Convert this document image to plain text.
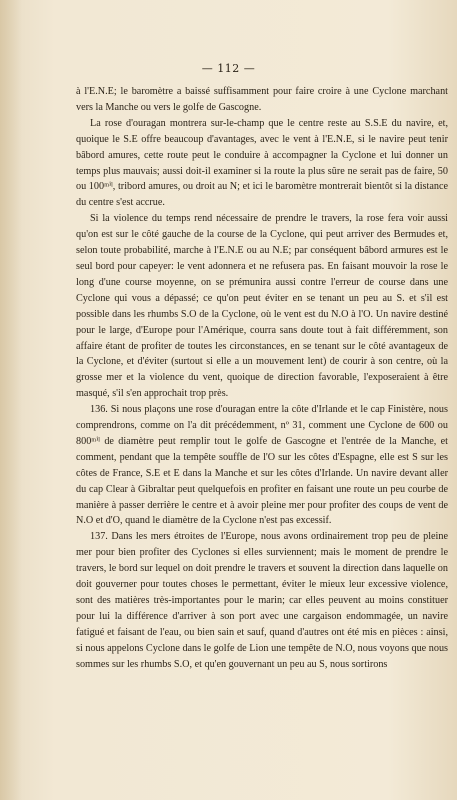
— 112 —

à l'E.N.E; le baromètre a baissé suffisamment pour faire croire à une Cyclone marchant vers la Manche ou vers le golfe de Gascogne.

La rose d'ouragan montrera sur-le-champ que le centre reste au S.S.E du navire, et, quoique le S.E offre beaucoup d'avantages, avec le vent à l'E.N.E, si le navire peut tenir bâbord amures, cette route peut le conduire à accompagner la Cyclone et lui donner un temps plus mauvais; aussi doit-il examiner si la route la plus sûre ne serait pas de faire, 50 ou 100ᵐⁱˡ, tribord amures, ou droit au N; et ici le baromètre montrerait bientôt si la distance du centre s'est accrue.

Si la violence du temps rend nécessaire de prendre le travers, la rose fera voir aussi qu'on est sur le côté gauche de la course de la Cyclone, qui peut arriver des Bermudes et, selon toute probabilité, marche à l'E.N.E ou au N.E; par conséquent bâbord armures est le seul bord pour capeyer: le vent adonnera et ne refusera pas. En faisant mouvoir la rose le long d'une course moyenne, on se prémunira aussi contre l'erreur de course dans une Cyclone qui vous a dépassé; ce qu'on peut éviter en se tenant un peu au S. et s'il est possible dans les rhumbs S.O de la Cyclone, où le vent est du N.O à l'O. Un navire destiné pour le large, d'Europe pour l'Amérique, courra sans doute tout à fait différemment, son affaire étant de profiter de toutes les circonstances, en se tenant sur le côté avantageux de la Cyclone, et d'éviter (surtout si elle a un mouvement lent) de courir à son centre, où la grosse mer et la violence du vent, quoique de direction favorable, l'exposeraient à être masqué, s'il s'en approchait trop près.

136. Si nous plaçons une rose d'ouragan entre la côte d'Irlande et le cap Finistère, nous comprendrons, comme on l'a dit précédemment, nº 31, comment une Cyclone de 600 ou 800ᵐⁱˡ de diamètre peut remplir tout le golfe de Gascogne et l'entrée de la Manche, et comment, pendant que la tempête souffle de l'O sur les côtes d'Espagne, elle est S sur les côtes de France, S.E et E dans la Manche et sur les côtes d'Irlande. Un navire devant aller du cap Clear à Gibraltar peut quelquefois en profiter en faisant une route un peu courbe de manière à passer derrière le centre et à avoir pleine mer pour profiter des coups de vent de N.O et d'O, quand le diamètre de la Cyclone n'est pas excessif.

137. Dans les mers étroites de l'Europe, nous avons ordinairement trop peu de pleine mer pour bien profiter des Cyclones si elles surviennent; mais le moment de prendre le travers, le bord sur lequel on doit prendre le travers et souvent la direction dans laquelle on doit gouverner pour toutes choses le permettant, éviter le mieux leur excessive violence, sont des matières très-importantes pour le marin; car elles peuvent au moins constituer pour lui la différence d'arriver à son port avec une cargaison endommagée, un navire fatigué et faisant de l'eau, ou bien sain et sauf, quand d'autres ont été mis en pièces : ainsi, si nous appelons Cyclone dans le golfe de Lion une tempête de N.O, nous voyons que nous sommes sur les rhumbs S.O, et qu'en gouvernant un peu au S, nous sortirons
